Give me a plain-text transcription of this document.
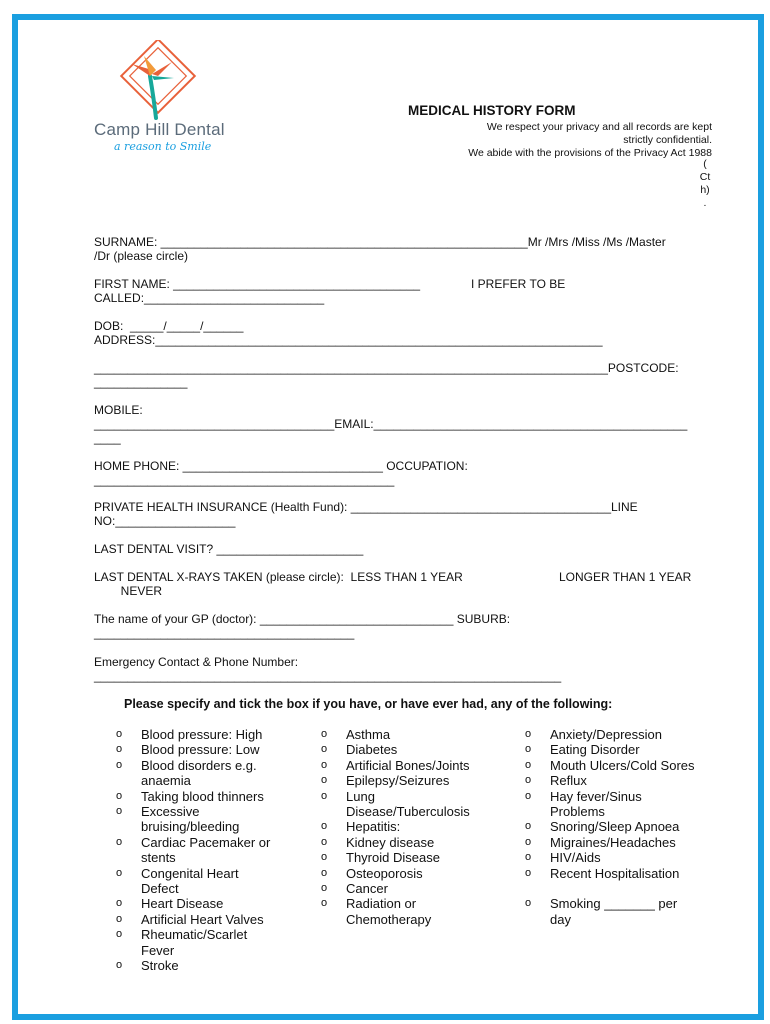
Camp Hill Dental
a reason to Smile
MEDICAL HISTORY FORM
We respect your privacy and all records are kept
strictly confidential.
We abide with the provisions of the Privacy Act 1988
(
Ct
h)
.
SURNAME: _______________________________________________________Mr /Mrs /Miss /Ms /Master
/Dr (please circle)
FIRST NAME: _____________________________________	I PREFER TO BE
CALLED:___________________________
DOB:  _____/_____/______
ADDRESS:___________________________________________________________________
_____________________________________________________________________________POSTCODE:
______________
MOBILE:
____________________________________EMAIL:_______________________________________________
____
HOME PHONE: ______________________________ OCCUPATION:
_____________________________________________
PRIVATE HEALTH INSURANCE (Health Fund): _______________________________________LINE
NO:__________________
LAST DENTAL VISIT? ______________________
LAST DENTAL X-RAYS TAKEN (please circle):  LESS THAN 1 YEAR	LONGER THAN 1 YEAR
NEVER
The name of your GP (doctor): _____________________________ SUBURB:
_______________________________________
Emergency Contact & Phone Number:
______________________________________________________________________
Please specify and tick the box if you have, or have ever had, any of the following:
o Blood pressure: High
o Blood pressure: Low
o Blood disorders e.g.
anaemia
o Taking blood thinners
o Excessive
bruising/bleeding
o Cardiac Pacemaker or
stents
o Congenital Heart
Defect
o Heart Disease
o Artificial Heart Valves
o Rheumatic/Scarlet
Fever
o Stroke
o Asthma
o Diabetes
o Artificial Bones/Joints
o Epilepsy/Seizures
o Lung
Disease/Tuberculosis
o Hepatitis:
o Kidney disease
o Thyroid Disease
o Osteoporosis
o Cancer
o Radiation or
Chemotherapy
o Anxiety/Depression
o Eating Disorder
o Mouth Ulcers/Cold Sores
o Reflux
o Hay fever/Sinus
Problems
o Snoring/Sleep Apnoea
o Migraines/Headaches
o HIV/Aids
o Recent Hospitalisation
o Smoking _______ per
day
